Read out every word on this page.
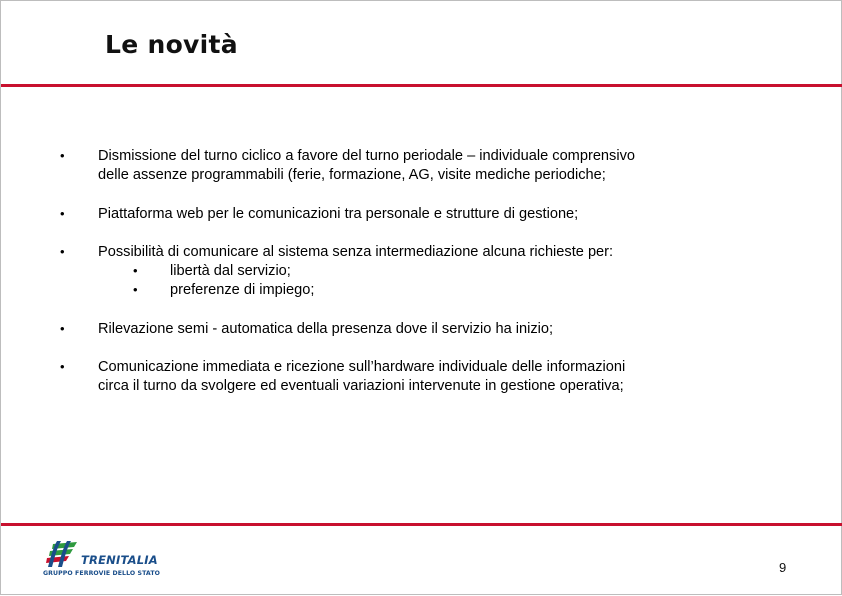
Le novità
• Dismissione del turno ciclico a favore del turno periodale – individuale comprensivo
delle assenze programmabili (ferie, formazione, AG, visite mediche periodiche;
• Piattaforma web per le comunicazioni tra personale e strutture di gestione;
• Possibilità di comunicare al sistema senza intermediazione alcuna richieste per:
• libertà dal servizio;
• preferenze di impiego;
• Rilevazione semi - automatica della presenza dove il servizio ha inizio;
• Comunicazione immediata e ricezione sull’hardware individuale delle informazioni
circa il turno da svolgere ed eventuali variazioni intervenute in gestione operativa;
TRENITALIA
GRUPPO FERROVIE DELLO STATO	9
